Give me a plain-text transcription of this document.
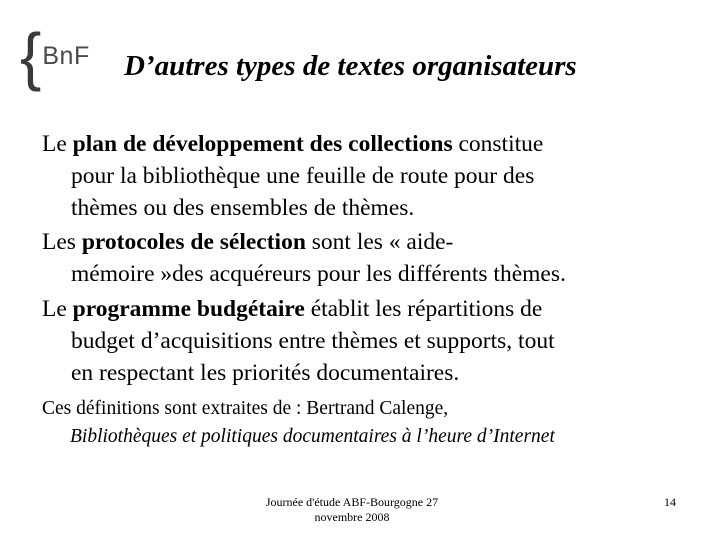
{ BnF D’autres types de textes organisateurs
Le plan de développement des collections constitue
pour la bibliothèque une feuille de route pour des
thèmes ou des ensembles de thèmes.
Les protocoles de sélection sont les « aide-
mémoire »des acquéreurs pour les différents thèmes.
Le programme budgétaire établit les répartitions de
budget d’acquisitions entre thèmes et supports, tout
en respectant les priorités documentaires.
Ces définitions sont extraites de : Bertrand Calenge,
Bibliothèques et politiques documentaires à l’heure d’Internet
Journée d'étude ABF-Bourgogne 27
novembre 2008
14
